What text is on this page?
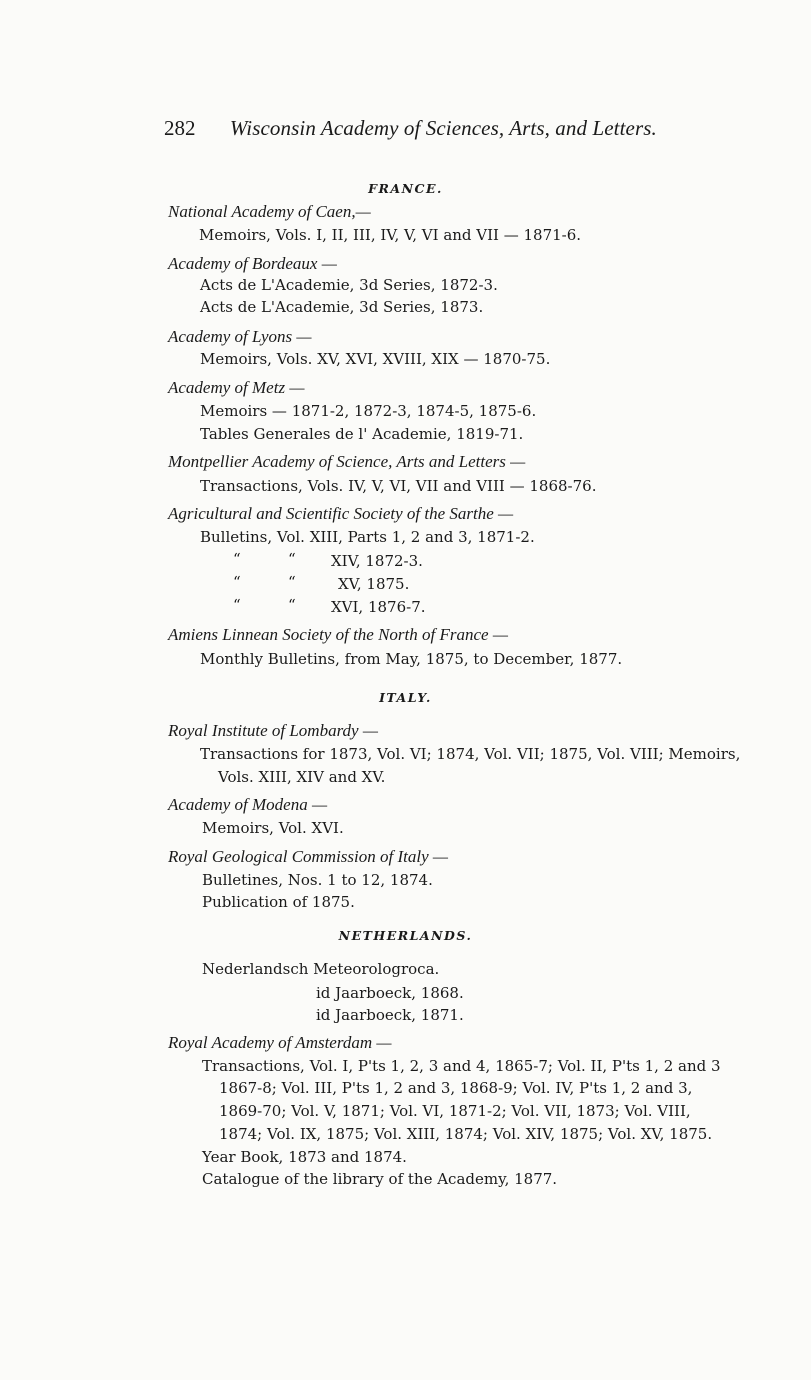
282 Wisconsin Academy of Sciences, Arts, and Letters.
FRANCE.
National Academy of Caen,—
Memoirs, Vols. I, II, III, IV, V, VI and VII — 1871-6.
Academy of Bordeaux —
Acts de L'Academie, 3d Series, 1872-3.
Acts de L'Academie, 3d Series, 1873.
Academy of Lyons —
Memoirs, Vols. XV, XVI, XVIII, XIX — 1870-75.
Academy of Metz —
Memoirs — 1871-2, 1872-3, 1874-5, 1875-6.
Tables Generales de l' Academie, 1819-71.
Montpellier Academy of Science, Arts and Letters —
Transactions, Vols. IV, V, VI, VII and VIII — 1868-76.
Agricultural and Scientific Society of the Sarthe —
Bulletins, Vol. XIII, Parts 1, 2 and 3, 1871-2.
“	“ XIV, 1872-3.
“	“	XV, 1875.
“	“ XVI, 1876-7.
Amiens Linnean Society of the North of France —
Monthly Bulletins, from May, 1875, to December, 1877.
ITALY.
Royal Institute of Lombardy —
Transactions for 1873, Vol. VI; 1874, Vol. VII; 1875, Vol. VIII; Memoirs,
Vols. XIII, XIV and XV.
Academy of Modena —
Memoirs, Vol. XVI.
Royal Geological Commission of Italy —
Bulletines, Nos. 1 to 12, 1874.
Publication of 1875.
NETHERLANDS.
Nederlandsch Meteorologroca.
id Jaarboeck, 1868.
id Jaarboeck, 1871.
Royal Academy of Amsterdam —
Transactions, Vol. I, P'ts 1, 2, 3 and 4, 1865-7; Vol. II, P'ts 1, 2 and 3
1867-8; Vol. III, P'ts 1, 2 and 3, 1868-9; Vol. IV, P'ts 1, 2 and 3,
1869-70; Vol. V, 1871; Vol. VI, 1871-2; Vol. VII, 1873; Vol. VIII,
1874; Vol. IX, 1875; Vol. XIII, 1874; Vol. XIV, 1875; Vol. XV, 1875.
Year Book, 1873 and 1874.
Catalogue of the library of the Academy, 1877.
